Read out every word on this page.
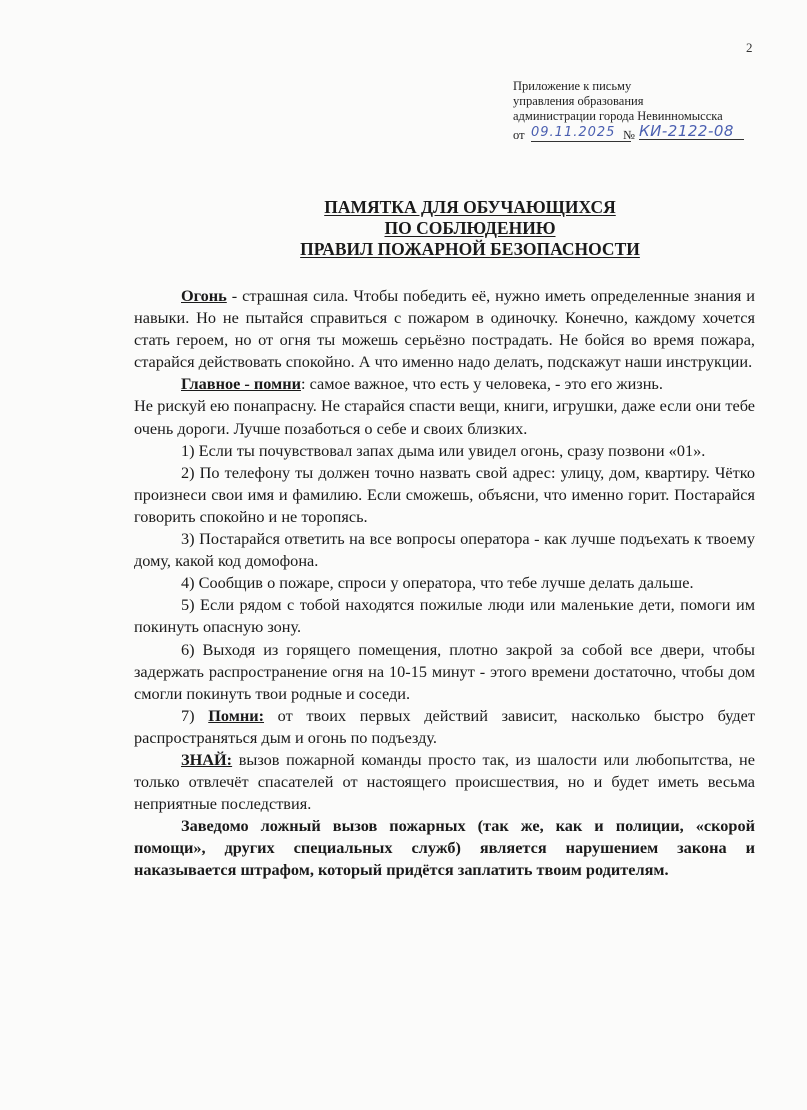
2
Приложение к письму
управления образования
администрации города Невинномысска
от 09.11.2025 № КИ-2122-08
ПАМЯТКА ДЛЯ ОБУЧАЮЩИХСЯ
ПО СОБЛЮДЕНИЮ
ПРАВИЛ ПОЖАРНОЙ БЕЗОПАСНОСТИ

Огонь - страшная сила. Чтобы победить её, нужно иметь определенные знания и навыки. Но не пытайся справиться с пожаром в одиночку. Конечно, каждому хочется стать героем, но от огня ты можешь серьёзно пострадать. Не бойся во время пожара, старайся действовать спокойно. А что именно надо делать, подскажут наши инструкции.

Главное - помни: самое важное, что есть у человека, - это его жизнь.

Не рискуй ею понапрасну. Не старайся спасти вещи, книги, игрушки, даже если они тебе очень дороги. Лучше позаботься о себе и своих близких.

1) Если ты почувствовал запах дыма или увидел огонь, сразу позвони «01».

2) По телефону ты должен точно назвать свой адрес: улицу, дом, квартиру. Чётко произнеси свои имя и фамилию. Если сможешь, объясни, что именно горит. Постарайся говорить спокойно и не торопясь.

3) Постарайся ответить на все вопросы оператора - как лучше подъехать к твоему дому, какой код домофона.

4) Сообщив о пожаре, спроси у оператора, что тебе лучше делать дальше.

5) Если рядом с тобой находятся пожилые люди или маленькие дети, помоги им покинуть опасную зону.

6) Выходя из горящего помещения, плотно закрой за собой все двери, чтобы задержать распространение огня на 10-15 минут - этого времени достаточно, чтобы дом смогли покинуть твои родные и соседи.

7) Помни: от твоих первых действий зависит, насколько быстро будет распространяться дым и огонь по подъезду.

ЗНАЙ: вызов пожарной команды просто так, из шалости или любопытства, не только отвлечёт спасателей от настоящего происшествия, но и будет иметь весьма неприятные последствия.

Заведомо ложный вызов пожарных (так же, как и полиции, «скорой помощи», других специальных служб) является нарушением закона и наказывается штрафом, который придётся заплатить твоим родителям.
